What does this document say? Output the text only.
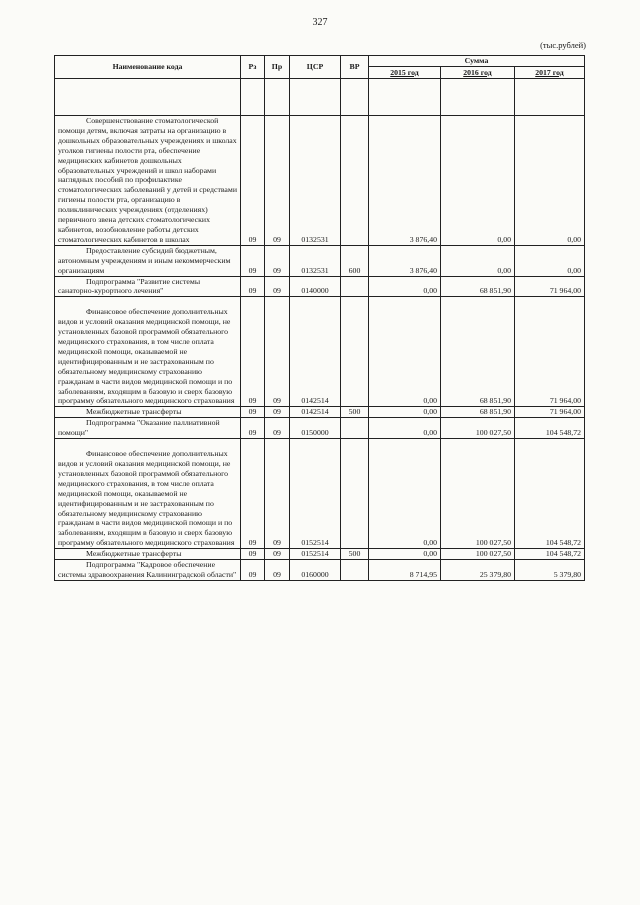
327
(тыс.рублей)
Наименование кода	Рз	Пр	ЦСР	ВР	Сумма		
					2015 год	2016 год	2017 год

Совершенствование стоматологической помощи детям, включая затраты на организацию в дошкольных образовательных учреждениях и школах уголков гигиены полости рта, обеспечение медицинских кабинетов дошкольных образовательных учреждений и школ наборами наглядных пособий по профилактике стоматологических заболеваний у детей и средствами гигиены полости рта, организацию в поликлинических учреждениях (отделениях) первичного звена детских стоматологических кабинетов, возобновление работы детских стоматологических кабинетов в школах	09	09	0132531		3 876,40	0,00	0,00

Предоставление субсидий бюджетным, автономным учреждениям и иным некоммерческим организациям	09	09	0132531	600	3 876,40	0,00	0,00

Подпрограмма "Развитие системы санаторно-курортного лечения"	09	09	0140000		0,00	68 851,90	71 964,00

Финансовое обеспечение дополнительных видов и условий оказания медицинской помощи, не установленных базовой программой обязательного медицинского страхования, в том числе оплата медицинской помощи, оказываемой не идентифицированным и не застрахованным по обязательному медицинскому страхованию гражданам в части видов медицинской помощи и по заболеваниям, входящим в базовую и сверх базовую программу обязательного медицинского страхования	09	09	0142514		0,00	68 851,90	71 964,00

Межбюджетные трансферты	09	09	0142514	500	0,00	68 851,90	71 964,00

Подпрограмма "Оказание паллиативной помощи"	09	09	0150000		0,00	100 027,50	104 548,72

Финансовое обеспечение дополнительных видов и условий оказания медицинской помощи, не установленных базовой программой обязательного медицинского страхования, в том числе оплата медицинской помощи, оказываемой не идентифицированным и не застрахованным по обязательному медицинскому страхованию гражданам в части видов медицинской помощи и по заболеваниям, входящим в базовую и сверх базовую программу обязательного медицинского страхования	09	09	0152514		0,00	100 027,50	104 548,72

Межбюджетные трансферты	09	09	0152514	500	0,00	100 027,50	104 548,72

Подпрограмма "Кадровое обеспечение системы здравоохранения Калининградской области"	09	09	0160000		8 714,95	25 379,80	5 379,80
